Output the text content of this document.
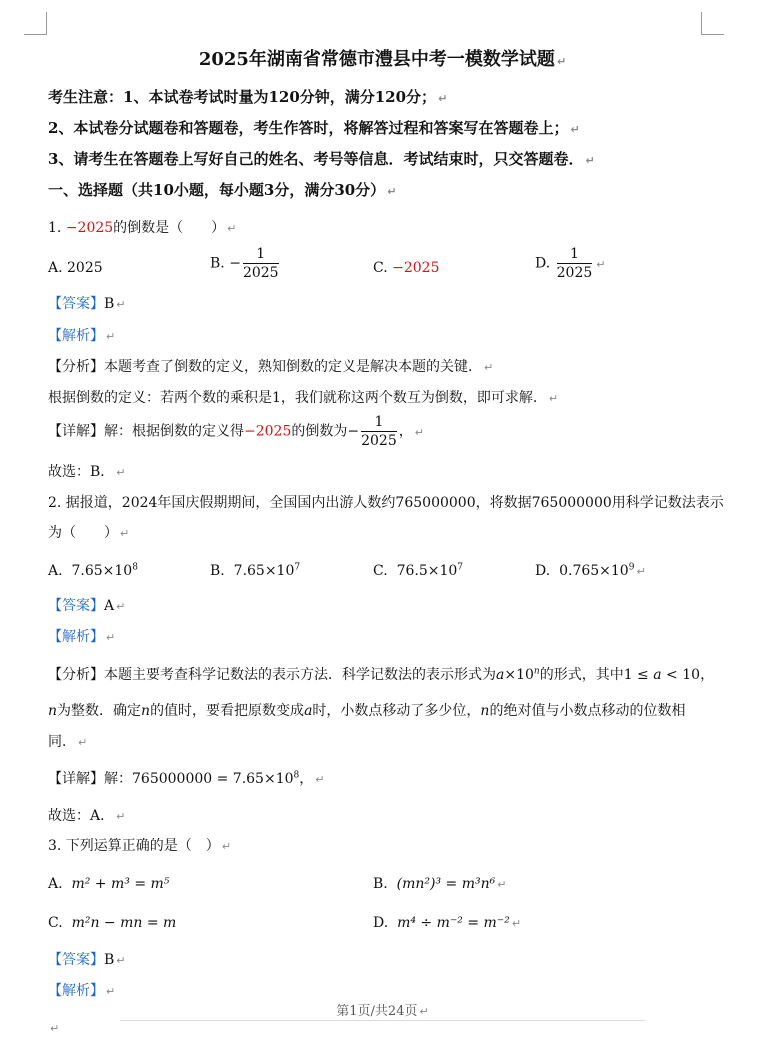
2025年湖南省常德市澧县中考一模数学试题 ↵
考生注意：1、本试卷考试时量为120分钟，满分120分； ↵
2、本试卷分试题卷和答题卷，考生作答时，将解答过程和答案写在答题卷上； ↵
3、请考生在答题卷上写好自己的姓名、考号等信息．考试结束时，只交答题卷． ↵
一、选择题（共10小题，每小题3分，满分30分） ↵
1. −2025的倒数是（　　） ↵
A. 2025	B. − $\frac{1}{2025}$	C. −2025	D. $\frac{1}{2025}$ ↵
【答案】B ↵
【解析】 ↵
【分析】本题考查了倒数的定义，熟知倒数的定义是解决本题的关键． ↵
根据倒数的定义：若两个数的乘积是1，我们就称这两个数互为倒数，即可求解． ↵
【详解】解：根据倒数的定义得−2025的倒数为− $\frac{1}{2025}$ ， ↵
故选：B． ↵
2. 据报道，2024年国庆假期期间，全国国内出游人数约765000000，将数据765000000用科学记数法表示
为（　　） ↵
A. $7.65\times 10^8$	B. $7.65\times 10^7$	C. $76.5\times 10^7$	D. $0.765\times 10^9$ ↵
【答案】A ↵
【解析】 ↵
【分析】本题主要考查科学记数法的表示方法．科学记数法的表示形式为$a\times 10^n$的形式，其中1 ≤ a < 10，
n为整数．确定n的值时，要看把原数变成a时，小数点移动了多少位，n的绝对值与小数点移动的位数相
同． ↵
【详解】解：$765000000 = 7.65\times 10^8$， ↵
故选：A． ↵
3. 下列运算正确的是（　） ↵
A. m² + m³ = m⁵	B. (mn²)³ = m³n⁶ ↵
C. m²n − mn = m	D. m⁴ ÷ m⁻² = m⁻² ↵
【答案】B ↵
【解析】 ↵
第1页/共24页 ↵
↵
